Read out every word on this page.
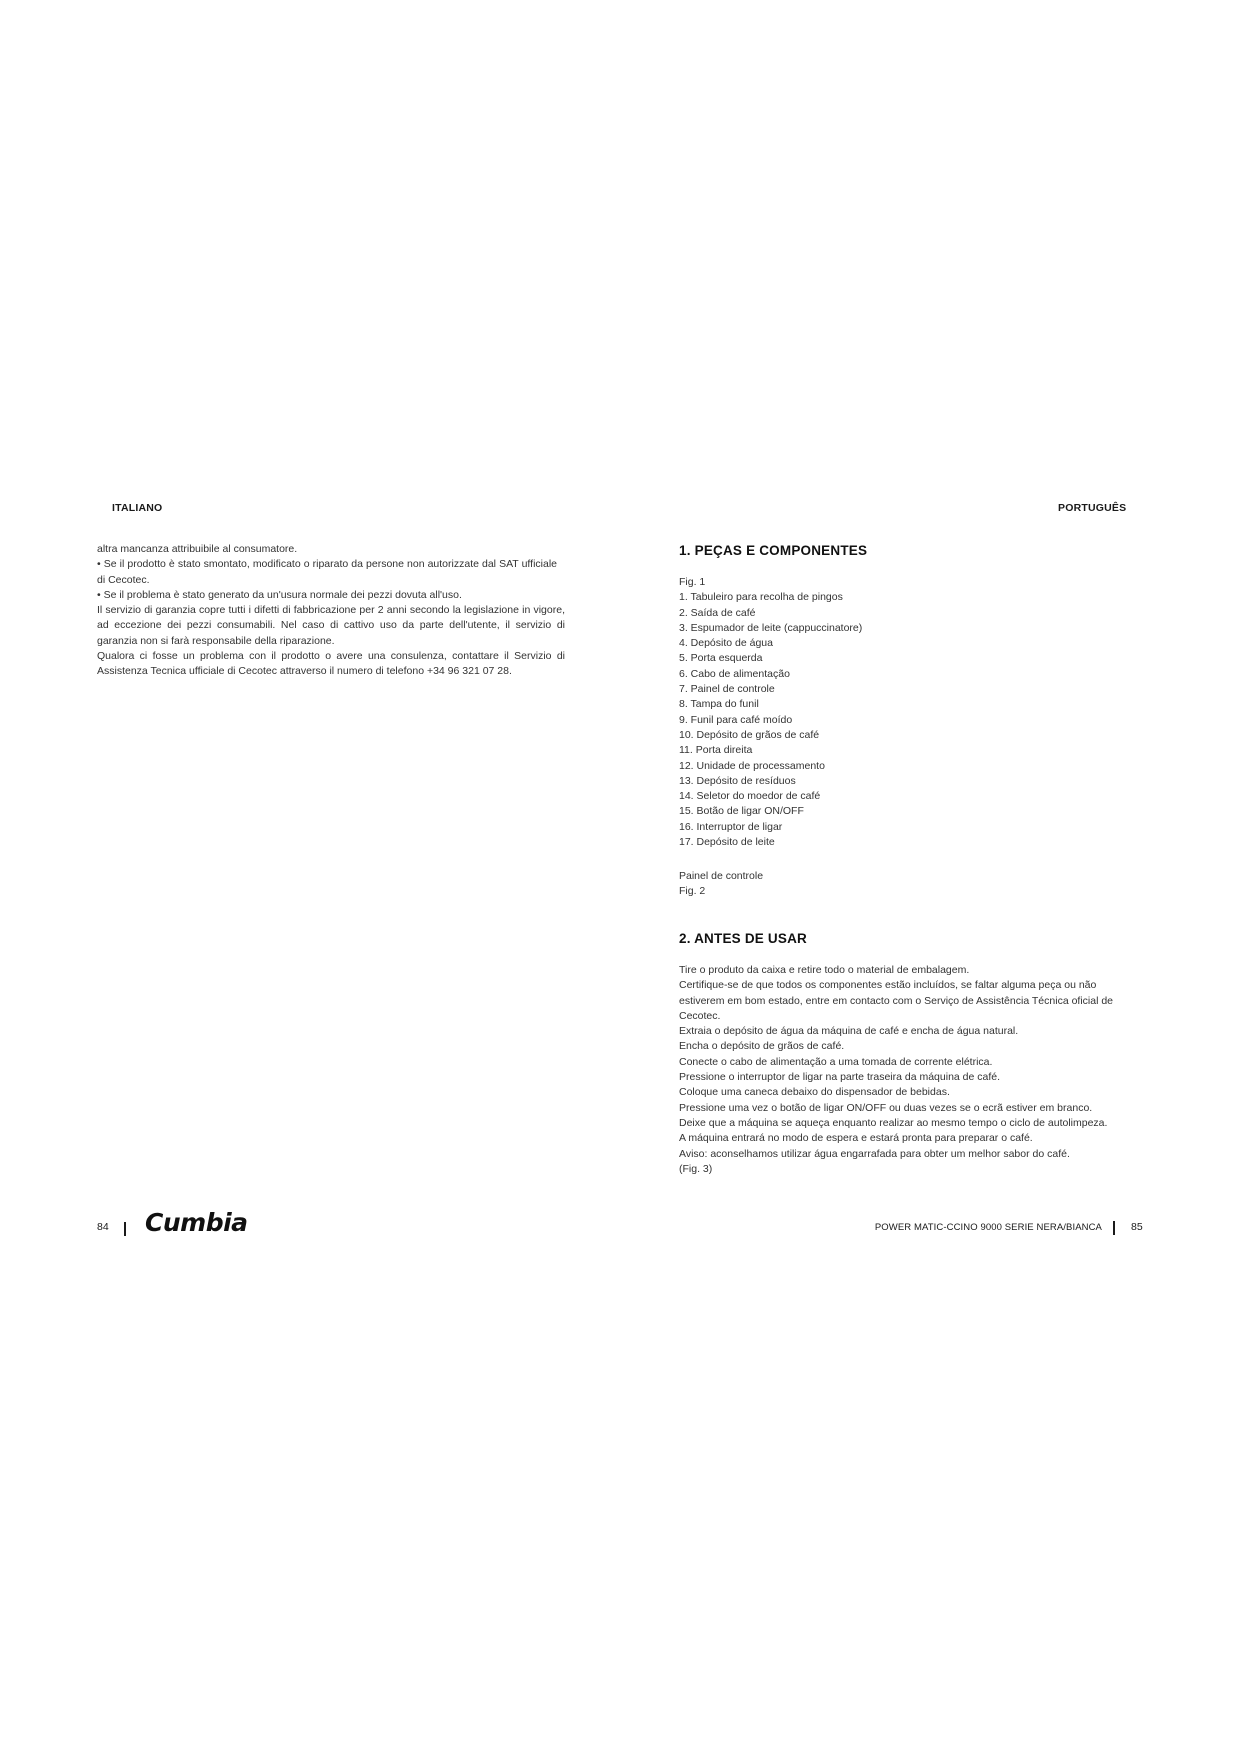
ITALIANO

altra mancanza attribuibile al consumatore.

• Se il prodotto è stato smontato, modificato o riparato da persone non autorizzate dal SAT ufficiale di Cecotec.

• Se il problema è stato generato da un'usura normale dei pezzi dovuta all'uso.

Il servizio di garanzia copre tutti i difetti di fabbricazione per 2 anni secondo la legislazione in vigore, ad eccezione dei pezzi consumabili. Nel caso di cattivo uso da parte dell'utente, il servizio di garanzia non si farà responsabile della riparazione.

Qualora ci fosse un problema con il prodotto o avere una consulenza, contattare il Servizio di Assistenza Tecnica ufficiale di Cecotec attraverso il numero di telefono +34 96 321 07 28.

84 Cumbia
PORTUGUÊS
1. PEÇAS E COMPONENTES
Fig. 1
1. Tabuleiro para recolha de pingos
2. Saída de café
3. Espumador de leite (cappuccinatore)
4. Depósito de água
5. Porta esquerda
6. Cabo de alimentação
7. Painel de controle
8. Tampa do funil
9. Funil para café moído
10. Depósito de grãos de café
11. Porta direita
12. Unidade de processamento
13. Depósito de resíduos
14. Seletor do moedor de café
15. Botão de ligar ON/OFF
16. Interruptor de ligar
17. Depósito de leite
Painel de controle
Fig. 2
2. ANTES DE USAR
Tire o produto da caixa e retire todo o material de embalagem.
Certifique-se de que todos os componentes estão incluídos, se faltar alguma peça ou não estiverem em bom estado, entre em contacto com o Serviço de Assistência Técnica oficial de Cecotec.
Extraia o depósito de água da máquina de café e encha de água natural.
Encha o depósito de grãos de café.
Conecte o cabo de alimentação a uma tomada de corrente elétrica.
Pressione o interruptor de ligar na parte traseira da máquina de café.
Coloque uma caneca debaixo do dispensador de bebidas.
Pressione uma vez o botão de ligar ON/OFF ou duas vezes se o ecrã estiver em branco.
Deixe que a máquina se aqueça enquanto realizar ao mesmo tempo o ciclo de autolimpeza.
A máquina entrará no modo de espera e estará pronta para preparar o café.
Aviso: aconselhamos utilizar água engarrafada para obter um melhor sabor do café.
(Fig. 3)
POWER MATIC-CCINO 9000 SERIE NERA/BIANCA	85
